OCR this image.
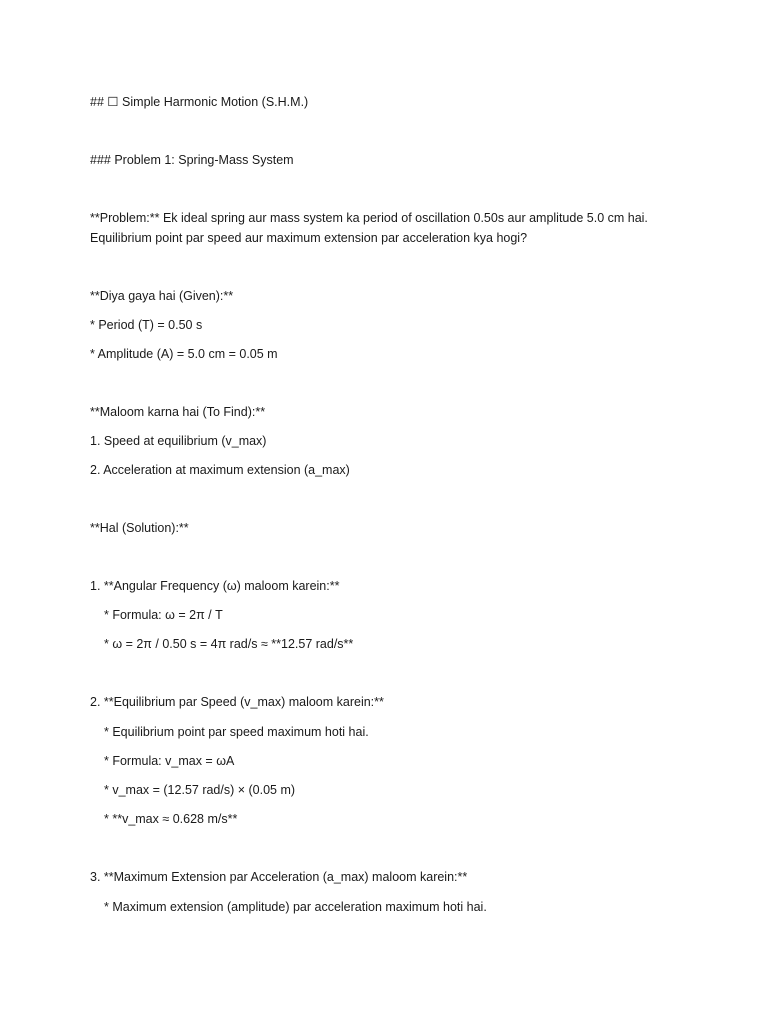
## ☐ Simple Harmonic Motion (S.H.M.)
### Problem 1: Spring-Mass System
**Problem:** Ek ideal spring aur mass system ka period of oscillation 0.50s aur amplitude 5.0 cm hai.
Equilibrium point par speed aur maximum extension par acceleration kya hogi?
**Diya gaya hai (Given):**
* Period (T) = 0.50 s
* Amplitude (A) = 5.0 cm = 0.05 m
**Maloom karna hai (To Find):**
1. Speed at equilibrium (v_max)
2. Acceleration at maximum extension (a_max)
**Hal (Solution):**
1. **Angular Frequency (ω) maloom karein:**
* Formula: ω = 2π / T
* ω = 2π / 0.50 s = 4π rad/s ≈ **12.57 rad/s**
2. **Equilibrium par Speed (v_max) maloom karein:**
* Equilibrium point par speed maximum hoti hai.
* Formula: v_max = ωA
* v_max = (12.57 rad/s) × (0.05 m)
* **v_max ≈ 0.628 m/s**
3. **Maximum Extension par Acceleration (a_max) maloom karein:**
* Maximum extension (amplitude) par acceleration maximum hoti hai.
